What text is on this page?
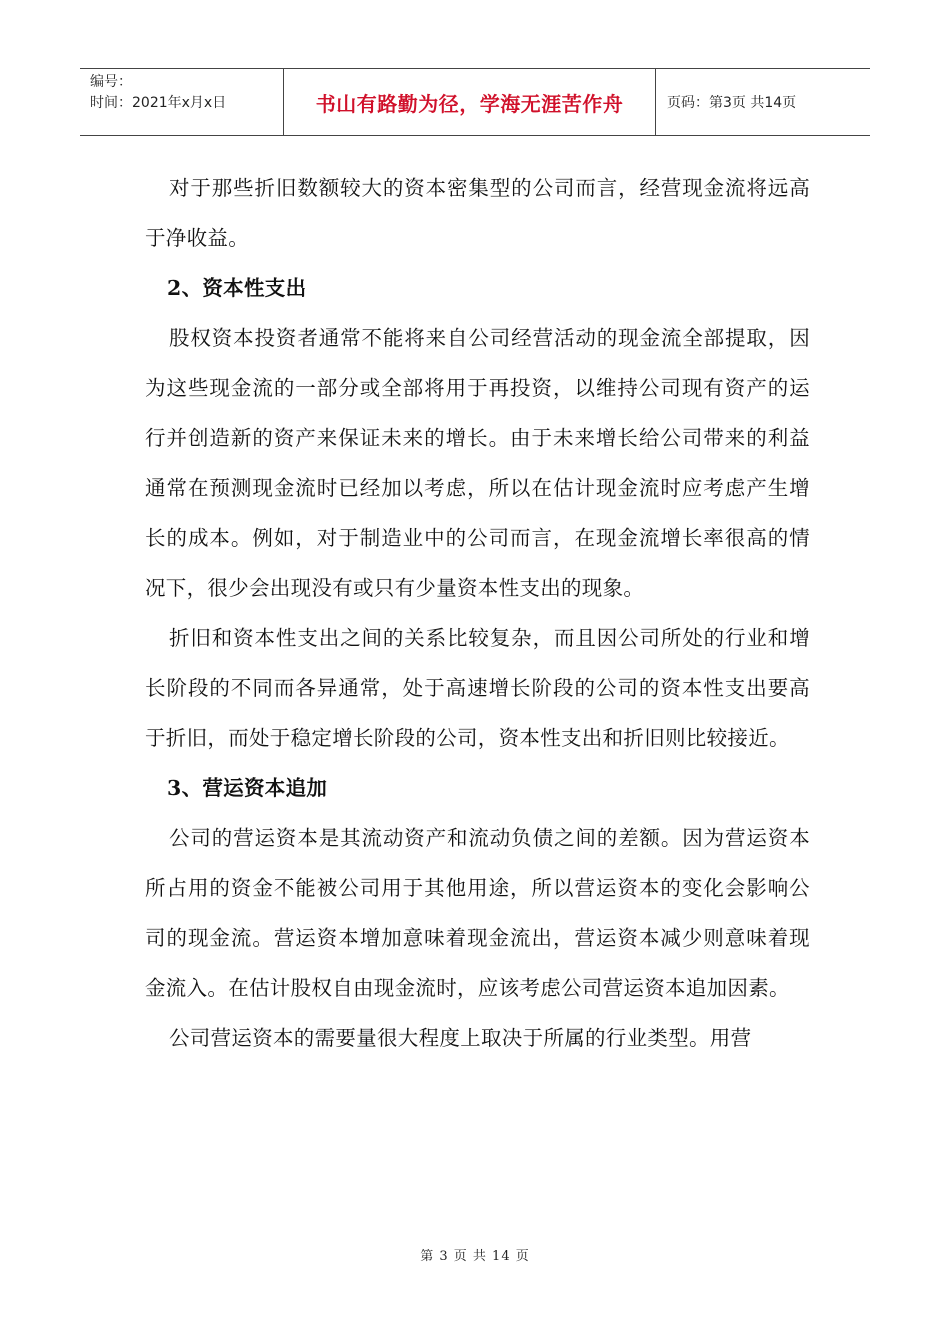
编号：
时间：2021年x月x日	书山有路勤为径，学海无涯苦作舟	页码：第3页 共14页

对于那些折旧数额较大的资本密集型的公司而言，经营现金流将远高于净收益。

2、资本性支出

股权资本投资者通常不能将来自公司经营活动的现金流全部提取，因为这些现金流的一部分或全部将用于再投资，以维持公司现有资产的运行并创造新的资产来保证未来的增长。由于未来增长给公司带来的利益通常在预测现金流时已经加以考虑，所以在估计现金流时应考虑产生增长的成本。例如，对于制造业中的公司而言，在现金流增长率很高的情况下，很少会出现没有或只有少量资本性支出的现象。

折旧和资本性支出之间的关系比较复杂，而且因公司所处的行业和增长阶段的不同而各异通常，处于高速增长阶段的公司的资本性支出要高于折旧，而处于稳定增长阶段的公司，资本性支出和折旧则比较接近。

3、营运资本追加

公司的营运资本是其流动资产和流动负债之间的差额。因为营运资本所占用的资金不能被公司用于其他用途，所以营运资本的变化会影响公司的现金流。营运资本增加意味着现金流出，营运资本减少则意味着现金流入。在估计股权自由现金流时，应该考虑公司营运资本追加因素。

公司营运资本的需要量很大程度上取决于所属的行业类型。用营

第 3 页 共 14 页
